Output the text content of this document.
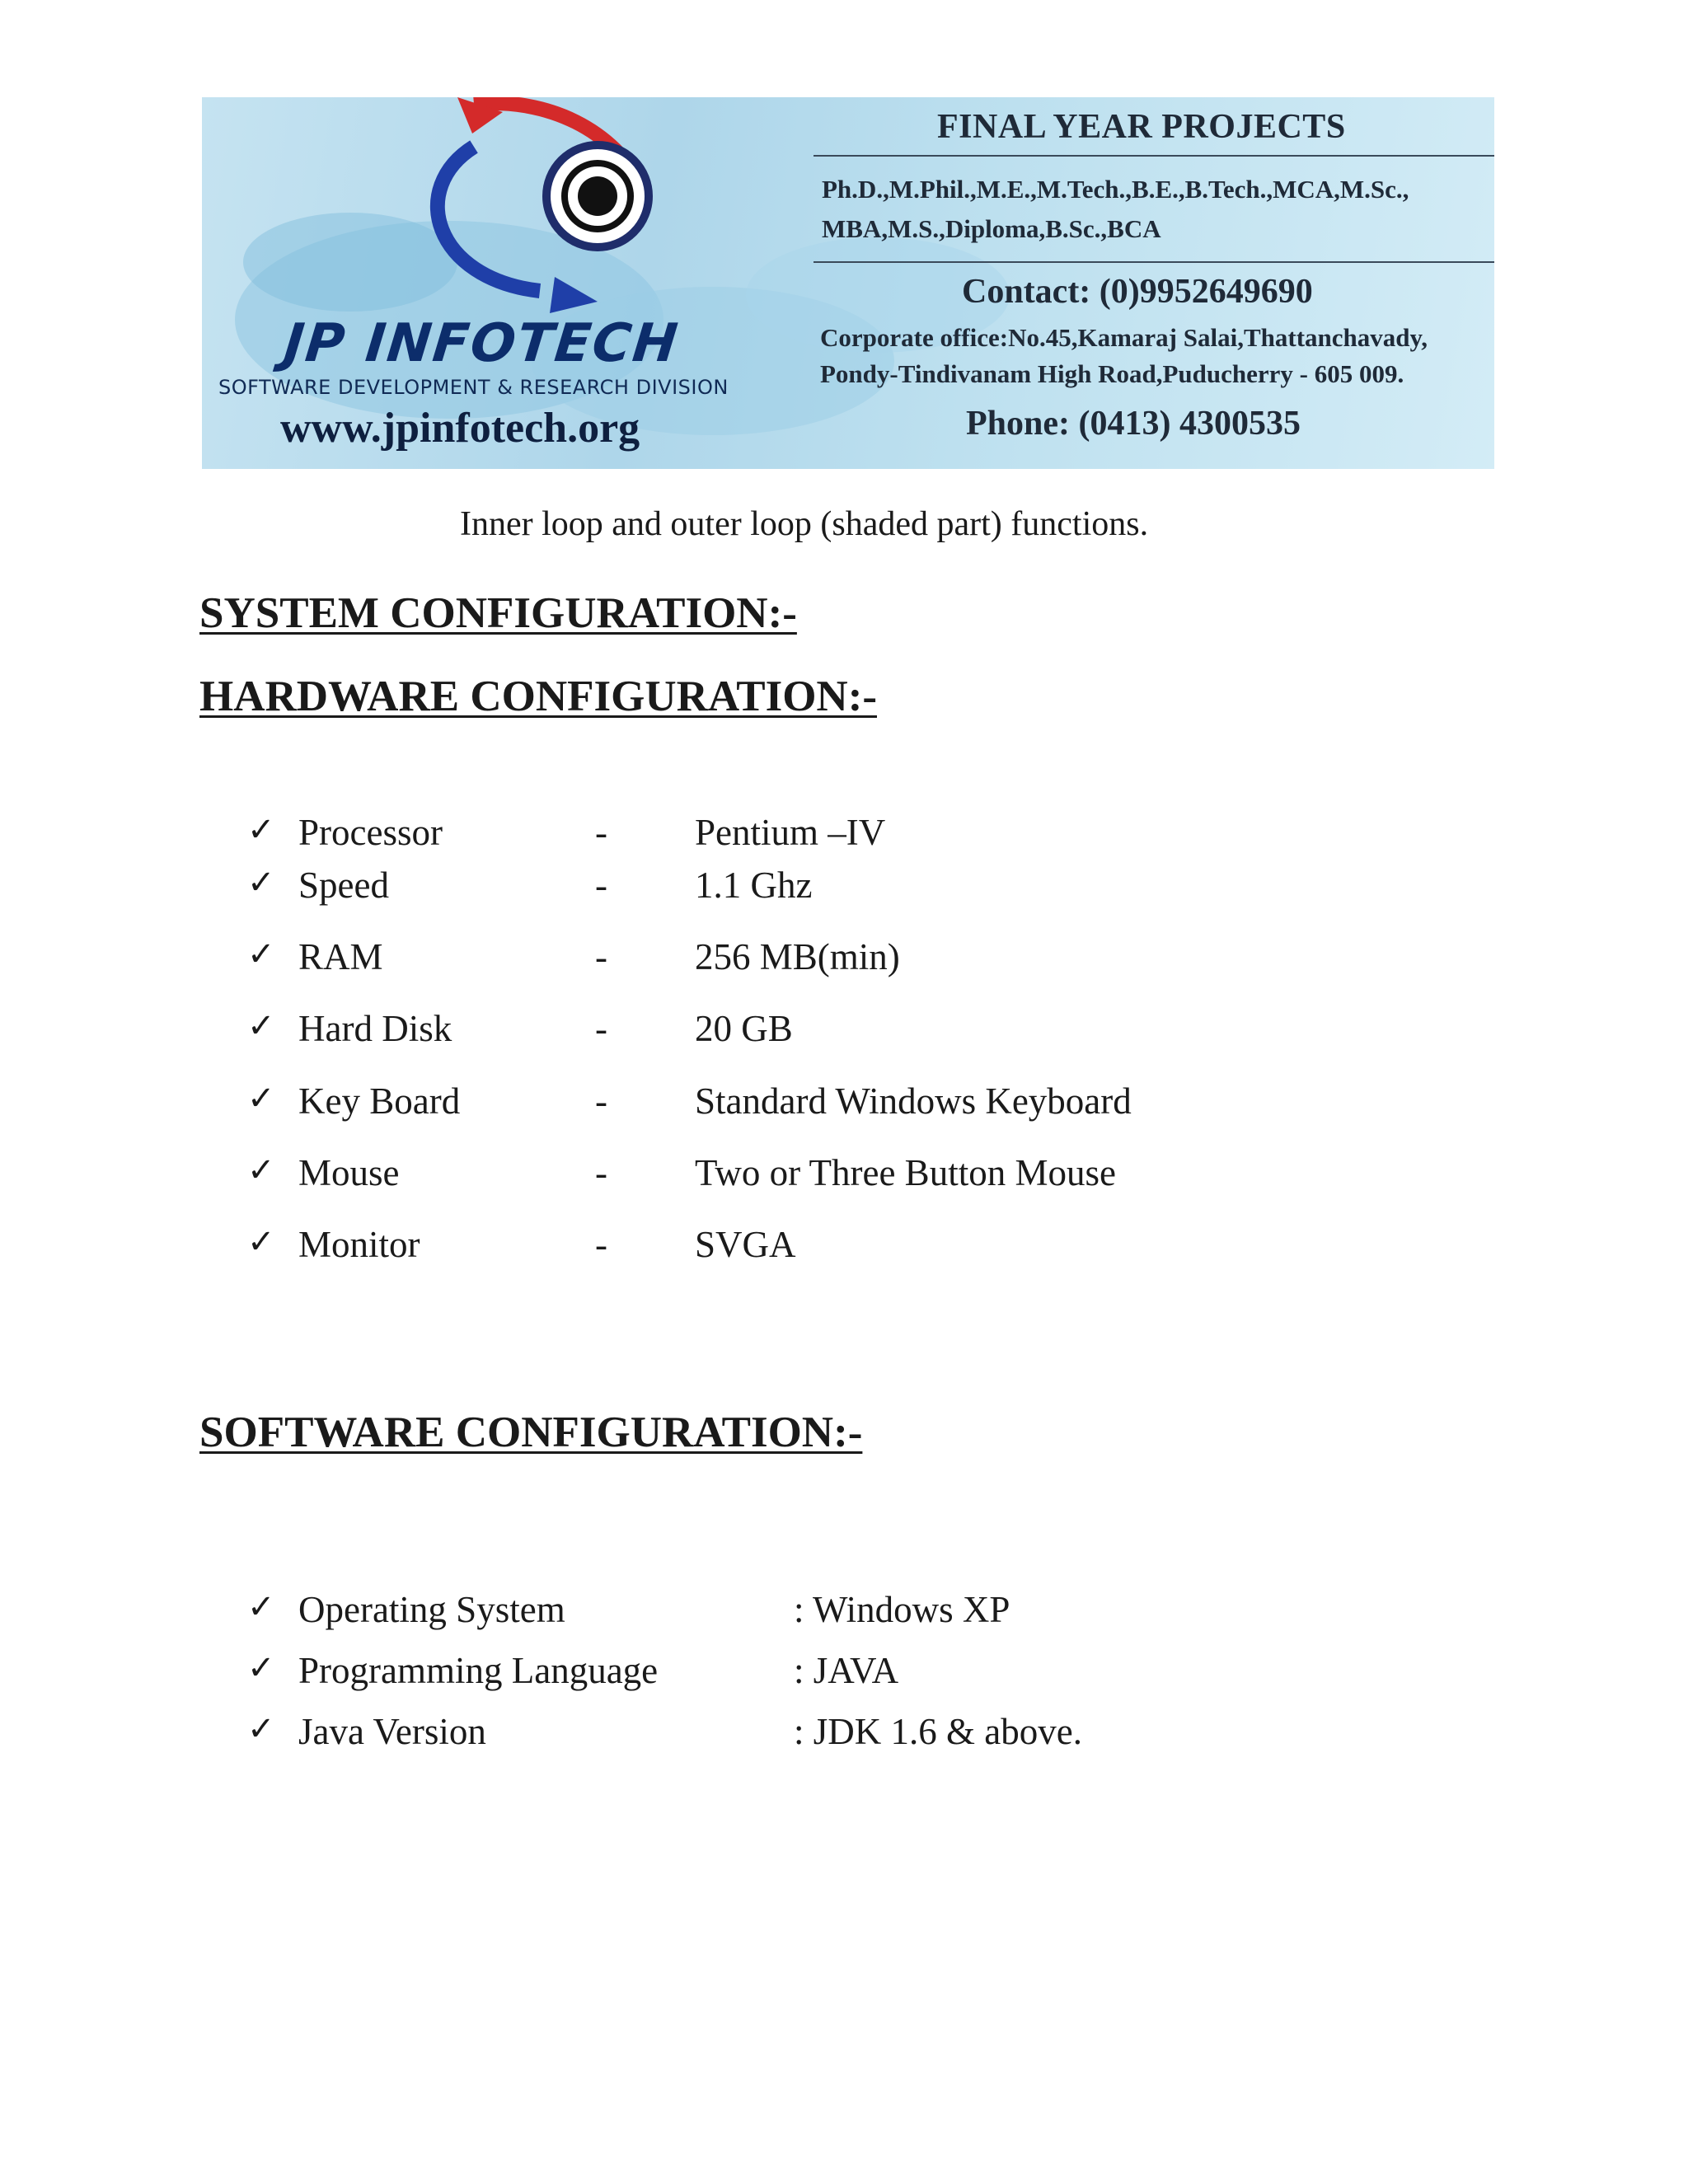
JP INFOTECH
SOFTWARE DEVELOPMENT & RESEARCH DIVISION
www.jpinfotech.org
FINAL YEAR PROJECTS
Ph.D.,M.Phil.,M.E.,M.Tech.,B.E.,B.Tech.,MCA,M.Sc.,
MBA,M.S.,Diploma,B.Sc.,BCA
Contact: (0)9952649690
Corporate office:No.45,Kamaraj Salai,Thattanchavady,
Pondy-Tindivanam High Road,Puducherry - 605 009.
Phone: (0413) 4300535
Inner loop and outer loop (shaded part) functions.
SYSTEM CONFIGURATION:-
HARDWARE CONFIGURATION:-
✓ Processor	- Pentium –IV
✓ Speed	- 1.1 Ghz
✓ RAM	- 256 MB(min)
✓ Hard Disk	- 20 GB
✓ Key Board	- Standard Windows Keyboard
✓ Mouse	- Two or Three Button Mouse
✓ Monitor	- SVGA
SOFTWARE CONFIGURATION:-
✓ Operating System	: Windows XP
✓ Programming Language	: JAVA
✓ Java Version	: JDK 1.6 & above.
